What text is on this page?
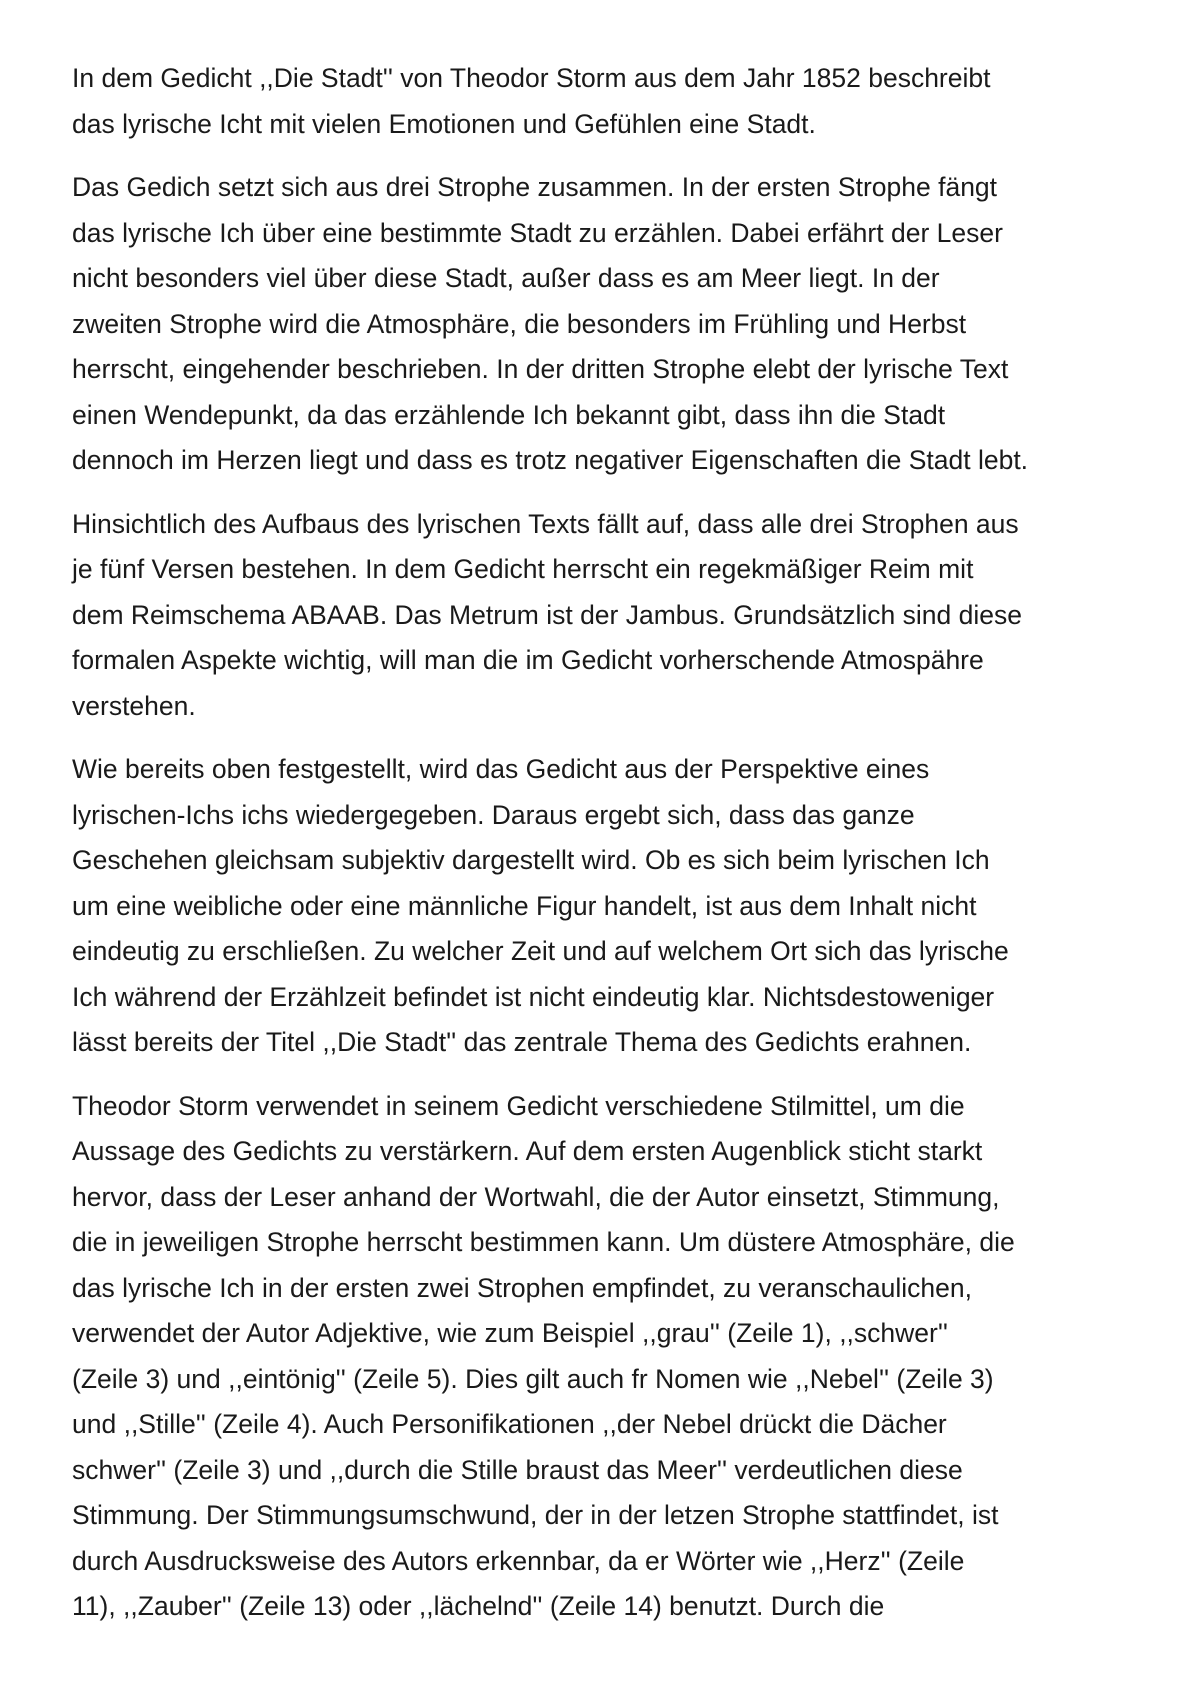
In dem Gedicht ,,Die Stadt'' von Theodor Storm aus dem Jahr 1852 beschreibt
das lyrische Icht mit vielen Emotionen und Gefühlen eine Stadt.

Das Gedich setzt sich aus drei Strophe zusammen. In der ersten Strophe fängt
das lyrische Ich über eine bestimmte Stadt zu erzählen. Dabei erfährt der Leser
nicht besonders viel über diese Stadt, außer dass es am Meer liegt. In der
zweiten Strophe wird die Atmosphäre, die besonders im Frühling und Herbst
herrscht, eingehender beschrieben. In der dritten Strophe elebt der lyrische Text
einen Wendepunkt, da das erzählende Ich bekannt gibt, dass ihn die Stadt
dennoch im Herzen liegt und dass es trotz negativer Eigenschaften die Stadt lebt.

Hinsichtlich des Aufbaus des lyrischen Texts fällt auf, dass alle drei Strophen aus
je fünf Versen bestehen. In dem Gedicht herrscht ein regekmäßiger Reim mit
dem Reimschema ABAAB. Das Metrum ist der Jambus. Grundsätzlich sind diese
formalen Aspekte wichtig, will man die im Gedicht vorherschende Atmospähre
verstehen.

Wie bereits oben festgestellt, wird das Gedicht aus der Perspektive eines
lyrischen-Ichs ichs wiedergegeben. Daraus ergebt sich, dass das ganze
Geschehen gleichsam subjektiv dargestellt wird. Ob es sich beim lyrischen Ich
um eine weibliche oder eine männliche Figur handelt, ist aus dem Inhalt nicht
eindeutig zu erschließen. Zu welcher Zeit und auf welchem Ort sich das lyrische
Ich während der Erzählzeit befindet ist nicht eindeutig klar. Nichtsdestoweniger
lässt bereits der Titel ,,Die Stadt'' das zentrale Thema des Gedichts erahnen.

Theodor Storm verwendet in seinem Gedicht verschiedene Stilmittel, um die
Aussage des Gedichts zu verstärkern. Auf dem ersten Augenblick sticht starkt
hervor, dass der Leser anhand der Wortwahl, die der Autor einsetzt, Stimmung,
die in jeweiligen Strophe herrscht bestimmen kann. Um düstere Atmosphäre, die
das lyrische Ich in der ersten zwei Strophen empfindet, zu veranschaulichen,
verwendet der Autor Adjektive, wie zum Beispiel ,,grau'' (Zeile 1), ,,schwer''
(Zeile 3) und ,,eintönig'' (Zeile 5). Dies gilt auch fr Nomen wie ,,Nebel'' (Zeile 3)
und ,,Stille'' (Zeile 4). Auch Personifikationen ,,der Nebel drückt die Dächer
schwer'' (Zeile 3) und ,,durch die Stille braust das Meer'' verdeutlichen diese
Stimmung. Der Stimmungsumschwund, der in der letzen Strophe stattfindet, ist
durch Ausdrucksweise des Autors erkennbar, da er Wörter wie ,,Herz'' (Zeile
11), ,,Zauber'' (Zeile 13) oder ,,lächelnd'' (Zeile 14) benutzt. Durch die
